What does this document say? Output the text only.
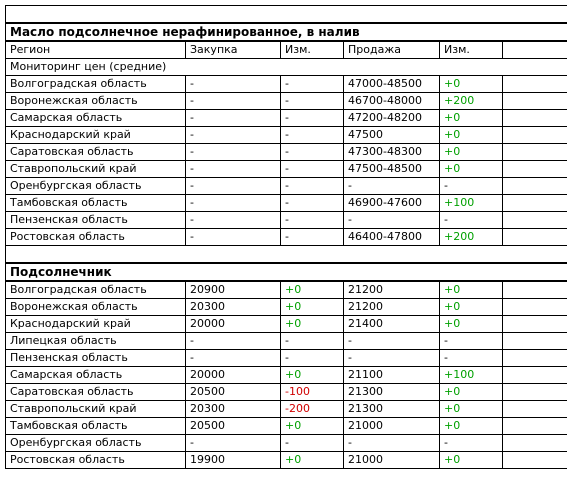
Масло подсолнечное нерафинированное, в налив					
Регион	Закупка	Изм.	Продажа	Изм.	
Мониторинг цен (средние)					
Волгоградская область	-	-	47000-48500	+0	
Воронежская область	-	-	46700-48000	+200	
Самарская область	-	-	47200-48200	+0	
Краснодарский край	-	-	47500	+0	
Саратовская область	-	-	47300-48300	+0	
Ставропольский край	-	-	47500-48500	+0	
Оренбургская область	-	-	-	-	
Тамбовская область	-	-	46900-47600	+100	
Пензенская область	-	-	-	-	
Ростовская область	-	-	46400-47800	+200	

Подсолнечник					
Волгоградская область	20900	+0	21200	+0	
Воронежская область	20300	+0	21200	+0	
Краснодарский край	20000	+0	21400	+0	
Липецкая область	-	-	-	-	
Пензенская область	-	-	-	-	
Самарская область	20000	+0	21100	+100	
Саратовская область	20500	-100	21300	+0	
Ставропольский край	20300	-200	21300	+0	
Тамбовская область	20500	+0	21000	+0	
Оренбургская область	-	-	-	-	
Ростовская область	19900	+0	21000	+0	
